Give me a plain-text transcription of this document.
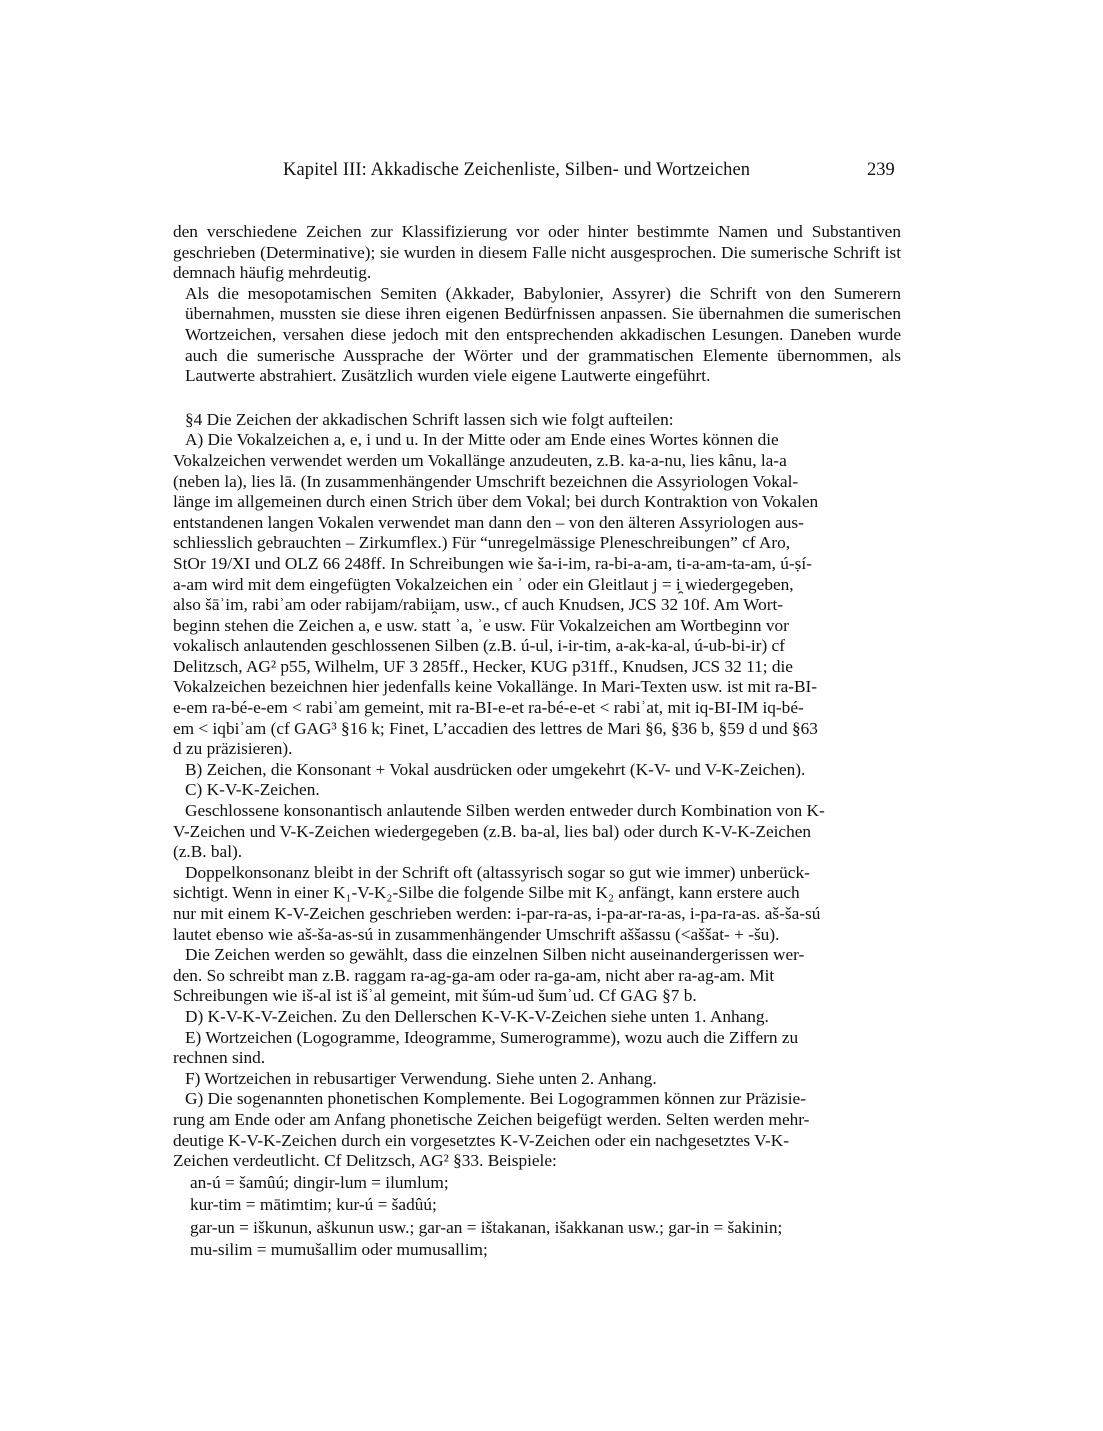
Kapitel III: Akkadische Zeichenliste, Silben- und Wortzeichen	239

den verschiedene Zeichen zur Klassifizierung vor oder hinter bestimmte Namen und Substantiven geschrieben (Determinative); sie wurden in diesem Falle nicht ausgesprochen. Die sumerische Schrift ist demnach häufig mehrdeutig.

Als die mesopotamischen Semiten (Akkader, Babylonier, Assyrer) die Schrift von den Sumerern übernahmen, mussten sie diese ihren eigenen Bedürfnissen anpassen. Sie übernahmen die sumerischen Wortzeichen, versahen diese jedoch mit den entsprechenden akkadischen Lesungen. Daneben wurde auch die sumerische Aussprache der Wörter und der grammatischen Elemente übernommen, als Lautwerte abstrahiert. Zusätzlich wurden viele eigene Lautwerte eingeführt.

§4 Die Zeichen der akkadischen Schrift lassen sich wie folgt aufteilen:

A) Die Vokalzeichen a, e, i und u. In der Mitte oder am Ende eines Wortes können die
Vokalzeichen verwendet werden um Vokallänge anzudeuten, z.B. ka-a-nu, lies kânu, la-a
(neben la), lies lā. (In zusammenhängender Umschrift bezeichnen die Assyriologen Vokal-
länge im allgemeinen durch einen Strich über dem Vokal; bei durch Kontraktion von Vokalen
entstandenen langen Vokalen verwendet man dann den – von den älteren Assyriologen aus-
schliesslich gebrauchten – Zirkumflex.) Für “unregelmässige Pleneschreibungen” cf Aro,
StOr 19/XI und OLZ 66 248ff. In Schreibungen wie ša-i-im, ra-bi-a-am, ti-a-am-ta-am, ú-ṣí-
a-am wird mit dem eingefügten Vokalzeichen ein ʾ oder ein Gleitlaut j = i̯ wiedergegeben,
also šāʾim, rabiʾam oder rabijam/rabii̯am, usw., cf auch Knudsen, JCS 32 10f. Am Wort-
beginn stehen die Zeichen a, e usw. statt ʾa, ʾe usw. Für Vokalzeichen am Wortbeginn vor
vokalisch anlautenden geschlossenen Silben (z.B. ú-ul, i-ir-tim, a-ak-ka-al, ú-ub-bi-ir) cf
Delitzsch, AG² p55, Wilhelm, UF 3 285ff., Hecker, KUG p31ff., Knudsen, JCS 32 11; die
Vokalzeichen bezeichnen hier jedenfalls keine Vokallänge. In Mari-Texten usw. ist mit ra-BI-
e-em ra-bé-e-em < rabiʾam gemeint, mit ra-BI-e-et ra-bé-e-et < rabiʾat, mit iq-BI-IM iq-bé-
em < iqbiʾam (cf GAG³ §16 k; Finet, L’accadien des lettres de Mari §6, §36 b, §59 d und §63
d zu präzisieren).
B) Zeichen, die Konsonant + Vokal ausdrücken oder umgekehrt (K-V- und V-K-Zeichen).
C) K-V-K-Zeichen.
Geschlossene konsonantisch anlautende Silben werden entweder durch Kombination von K-
V-Zeichen und V-K-Zeichen wiedergegeben (z.B. ba-al, lies bal) oder durch K-V-K-Zeichen
(z.B. bal).
Doppelkonsonanz bleibt in der Schrift oft (altassyrisch sogar so gut wie immer) unberück-
sichtigt. Wenn in einer K₁-V-K₂-Silbe die folgende Silbe mit K₂ anfängt, kann erstere auch
nur mit einem K-V-Zeichen geschrieben werden: i-par-ra-as, i-pa-ar-ra-as, i-pa-ra-as. aš-ša-sú
lautet ebenso wie aš-ša-as-sú in zusammenhängender Umschrift aššassu (<aššat- + -šu).
Die Zeichen werden so gewählt, dass die einzelnen Silben nicht auseinandergerissen wer-
den. So schreibt man z.B. raggam ra-ag-ga-am oder ra-ga-am, nicht aber ra-ag-am. Mit
Schreibungen wie iš-al ist išʾal gemeint, mit šúm-ud šumʾud. Cf GAG §7 b.
D) K-V-K-V-Zeichen. Zu den Dellerschen K-V-K-V-Zeichen siehe unten 1. Anhang.
E) Wortzeichen (Logogramme, Ideogramme, Sumerogramme), wozu auch die Ziffern zu
rechnen sind.
F) Wortzeichen in rebusartiger Verwendung. Siehe unten 2. Anhang.
G) Die sogenannten phonetischen Komplemente. Bei Logogrammen können zur Präzisie-
rung am Ende oder am Anfang phonetische Zeichen beigefügt werden. Selten werden mehr-
deutige K-V-K-Zeichen durch ein vorgesetztes K-V-Zeichen oder ein nachgesetztes V-K-
Zeichen verdeutlicht. Cf Delitzsch, AG² §33. Beispiele:
an-ú = šamûú; dingir-lum = ilumlum;
kur-tim = mātimtim; kur-ú = šadûú;
gar-un = iškunun, aškunun usw.; gar-an = ištakanan, išakkanan usw.; gar-in = šakinin;
mu-silim = mumušallim oder mumusallim;
